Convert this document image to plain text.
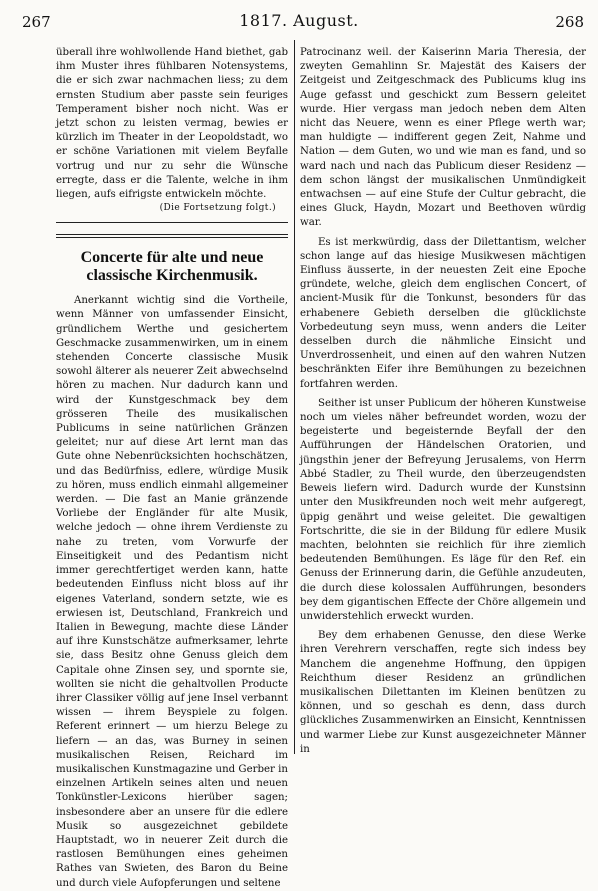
267	1817. August.	268

überall ihre wohlwollende Hand biethet, gab ihm Muster ihres fühlbaren Notensystems, die er sich zwar nachmachen liess; zu dem ernsten Studium aber passte sein feuriges Temperament bisher noch nicht. Was er jetzt schon zu leisten vermag, bewies er kürzlich im Theater in der Leopoldstadt, wo er schöne Variationen mit vielem Beyfalle vortrug und nur zu sehr die Wünsche erregte, dass er die Talente, welche in ihm liegen, aufs eifrigste entwickeln möchte.

(Die Fortsetzung folgt.)

Concerte für alte und neue classische Kirchenmusik.

Anerkannt wichtig sind die Vortheile, wenn Männer von umfassender Einsicht, gründlichem Werthe und gesichertem Geschmacke zusammenwirken, um in einem stehenden Concerte classische Musik sowohl älterer als neuerer Zeit abwechselnd hören zu machen. Nur dadurch kann und wird der Kunstgeschmack bey dem grösseren Theile des musikalischen Publicums in seine natürlichen Gränzen geleitet; nur auf diese Art lernt man das Gute ohne Nebenrücksichten hochschätzen, und das Bedürfniss, edlere, würdige Musik zu hören, muss endlich einmahl allgemeiner werden. — Die fast an Manie gränzende Vorliebe der Engländer für alte Musik, welche jedoch — ohne ihrem Verdienste zu nahe zu treten, vom Vorwurfe der Einseitigkeit und des Pedantism nicht immer gerechtfertiget werden kann, hatte bedeutenden Einfluss nicht bloss auf ihr eigenes Vaterland, sondern setzte, wie es erwiesen ist, Deutschland, Frankreich und Italien in Bewegung, machte diese Länder auf ihre Kunstschätze aufmerksamer, lehrte sie, dass Besitz ohne Genuss gleich dem Capitale ohne Zinsen sey, und spornte sie, wollten sie nicht die gehaltvollen Producte ihrer Classiker völlig auf jene Insel verbannt wissen — ihrem Beyspiele zu folgen. Referent erinnert — um hierzu Belege zu liefern — an das, was Burney in seinen musikalischen Reisen, Reichard im musikalischen Kunstmagazine und Gerber in einzelnen Artikeln seines alten und neuen Tonkünstler-Lexicons hierüber sagen; insbesondere aber an unsere für die edlere Musik so ausgezeichnet gebildete Hauptstadt, wo in neuerer Zeit durch die rastlosen Bemühungen eines geheimen Rathes van Swieten, des Baron du Beine und durch viele Aufopferungen und seltene

Patrocinanz weil. der Kaiserinn Maria Theresia, der zweyten Gemahlinn Sr. Majestät des Kaisers der Zeitgeist und Zeitgeschmack des Publicums klug ins Auge gefasst und geschickt zum Bessern geleitet wurde. Hier vergass man jedoch neben dem Alten nicht das Neuere, wenn es einer Pflege werth war; man huldigte — indifferent gegen Zeit, Nahme und Nation — dem Guten, wo und wie man es fand, und so ward nach und nach das Publicum dieser Residenz — dem schon längst der musikalischen Unmündigkeit entwachsen — auf eine Stufe der Cultur gebracht, die eines Gluck, Haydn, Mozart und Beethoven würdig war.

Es ist merkwürdig, dass der Dilettantism, welcher schon lange auf das hiesige Musikwesen mächtigen Einfluss äusserte, in der neuesten Zeit eine Epoche gründete, welche, gleich dem englischen Concert, of ancient-Musik für die Tonkunst, besonders für das erhabenere Gebieth derselben die glücklichste Vorbedeutung seyn muss, wenn anders die Leiter desselben durch die nähmliche Einsicht und Unverdrossenheit, und einen auf den wahren Nutzen beschränkten Eifer ihre Bemühungen zu bezeichnen fortfahren werden.

Seither ist unser Publicum der höheren Kunstweise noch um vieles näher befreundet worden, wozu der begeisterte und begeisternde Beyfall der den Aufführungen der Händelschen Oratorien, und jüngsthin jener der Befreyung Jerusalems, von Herrn Abbé Stadler, zu Theil wurde, den überzeugendsten Beweis liefern wird. Dadurch wurde der Kunstsinn unter den Musikfreunden noch weit mehr aufgeregt, üppig genährt und weise geleitet. Die gewaltigen Fortschritte, die sie in der Bildung für edlere Musik machten, belohnten sie reichlich für ihre ziemlich bedeutenden Bemühungen. Es läge für den Ref. ein Genuss der Erinnerung darin, die Gefühle anzudeuten, die durch diese kolossalen Aufführungen, besonders bey dem gigantischen Effecte der Chöre allgemein und unwiderstehlich erweckt wurden.

Bey dem erhabenen Genusse, den diese Werke ihren Verehrern verschaffen, regte sich indess bey Manchem die angenehme Hoffnung, den üppigen Reichthum dieser Residenz an gründlichen musikalischen Dilettanten im Kleinen benützen zu können, und so geschah es denn, dass durch glückliches Zusammenwirken an Einsicht, Kenntnissen und warmer Liebe zur Kunst ausgezeichneter Männer in
